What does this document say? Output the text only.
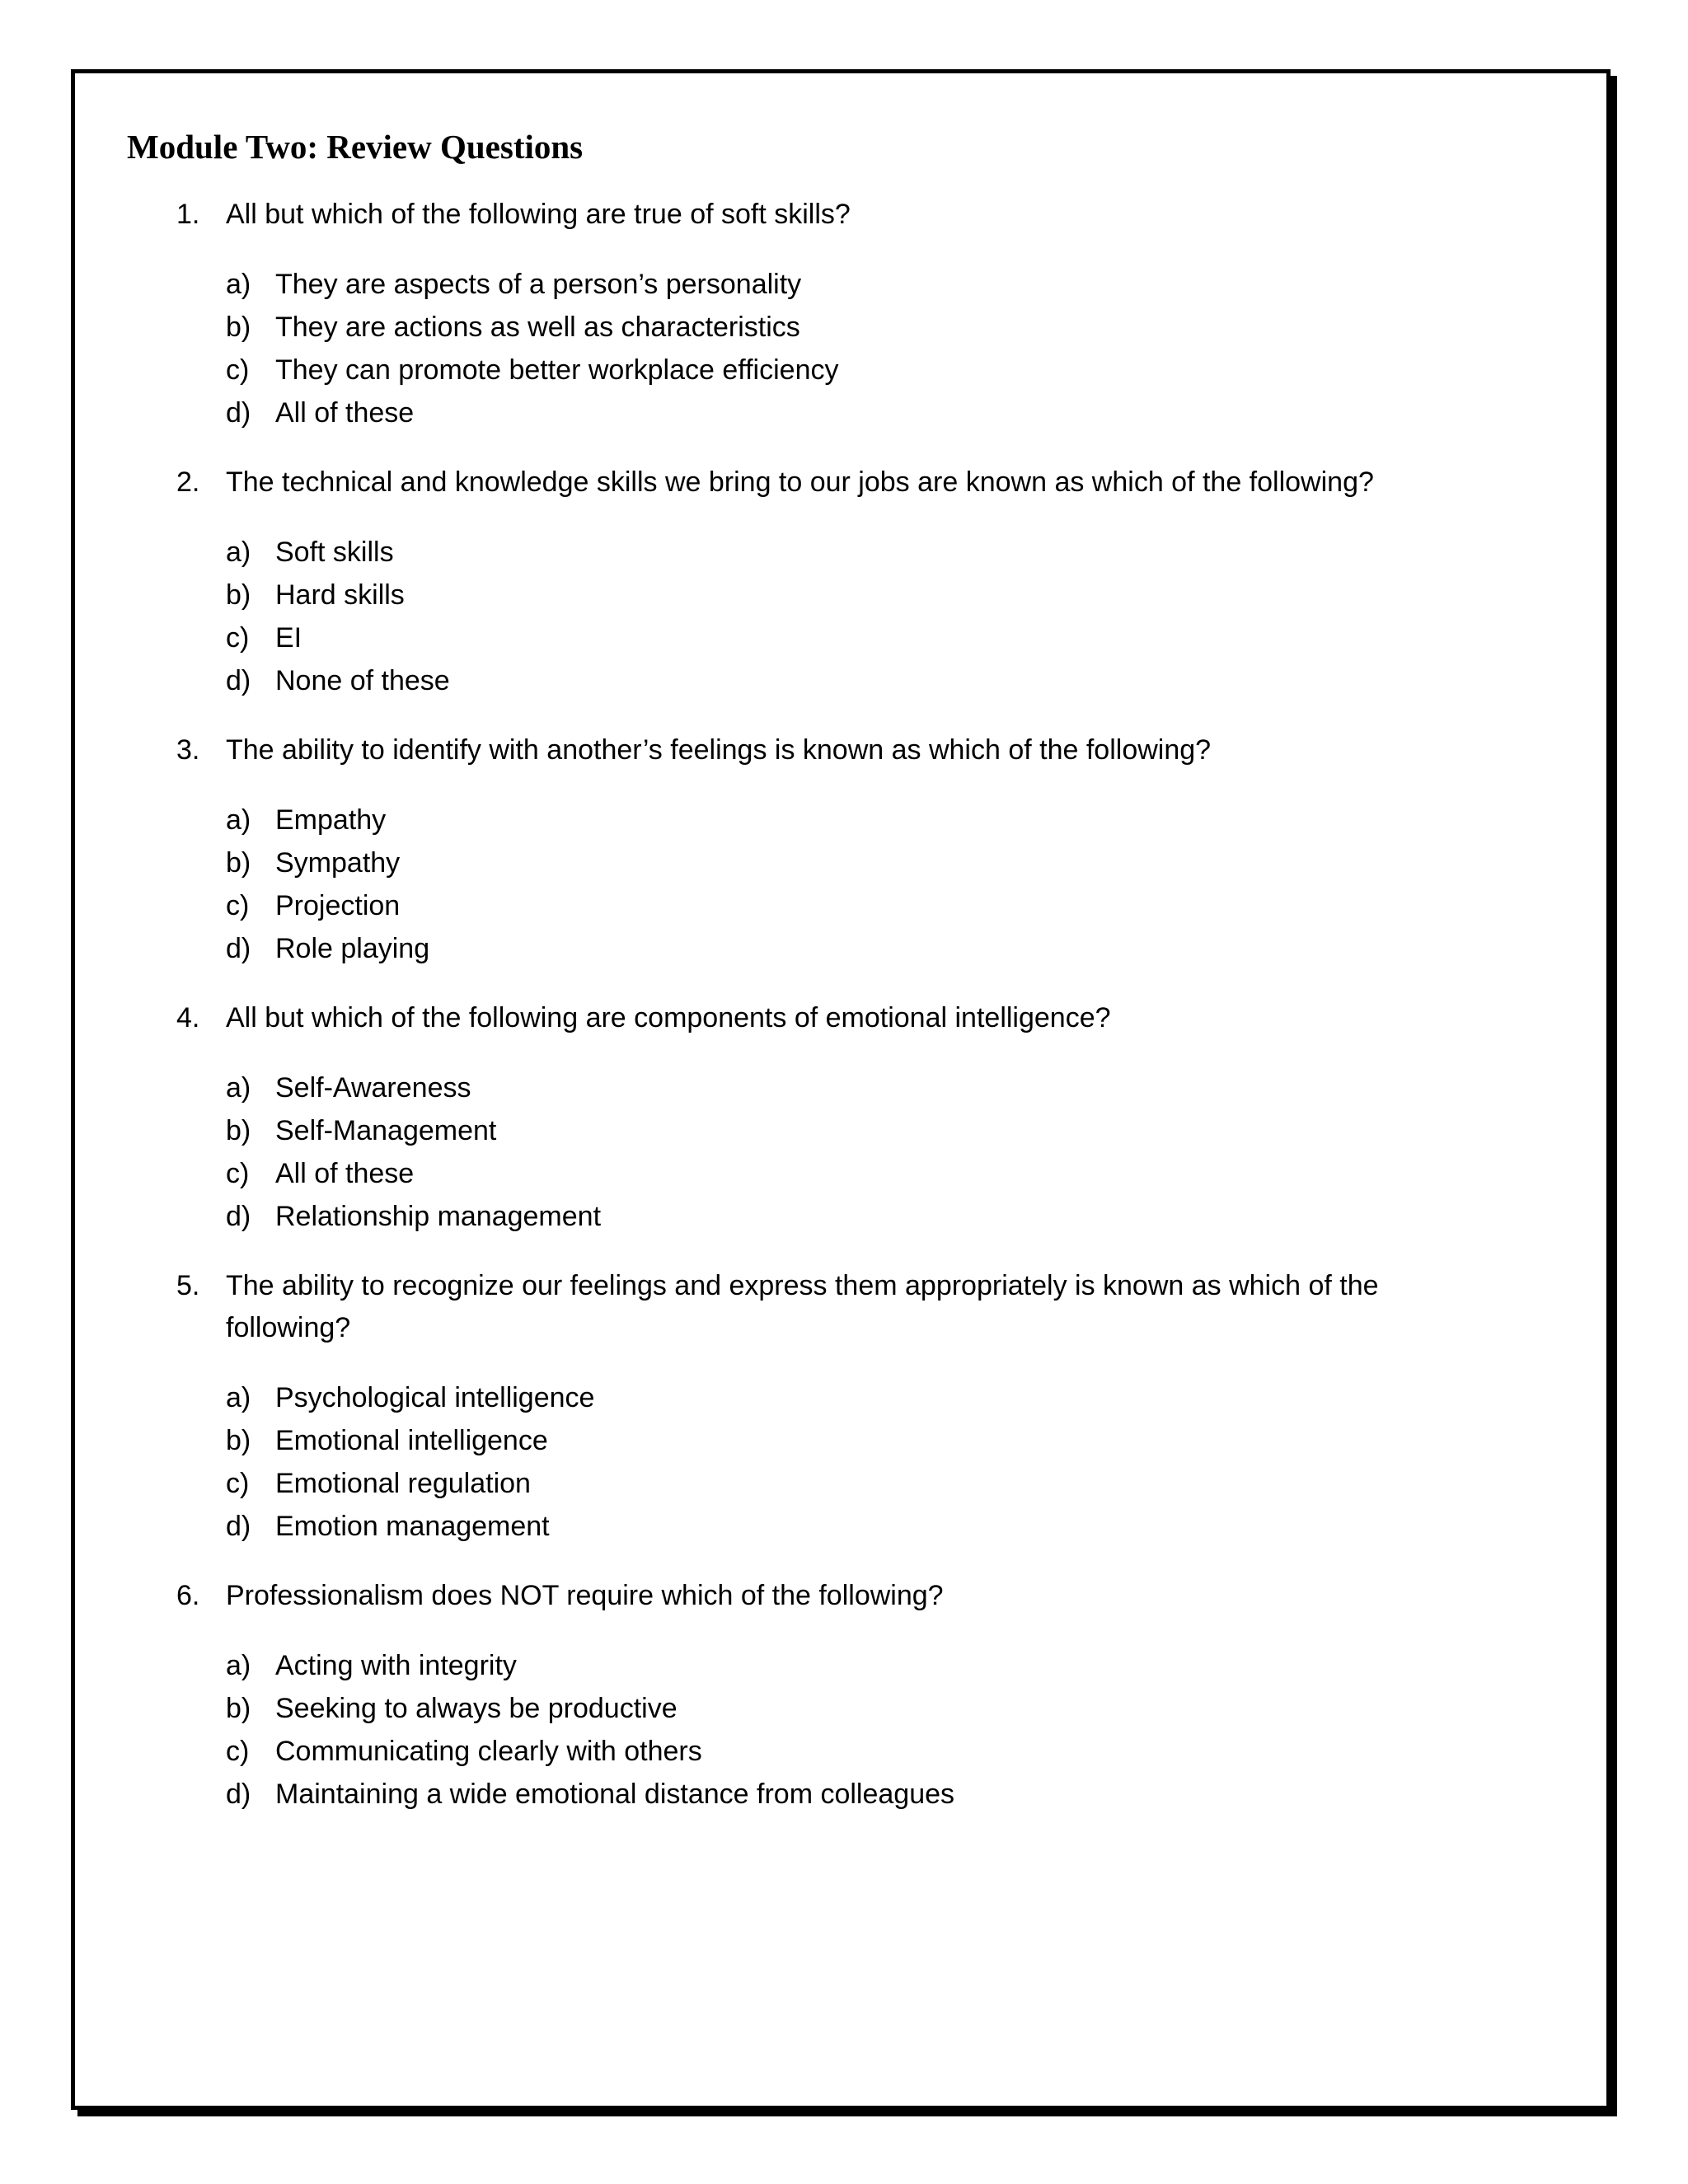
Module Two: Review Questions
1. All but which of the following are true of soft skills?
a) They are aspects of a person’s personality
b) They are actions as well as characteristics
c) They can promote better workplace efficiency
d) All of these
2. The technical and knowledge skills we bring to our jobs are known as which of the following?
a) Soft skills
b) Hard skills
c) EI
d) None of these
3. The ability to identify with another’s feelings is known as which of the following?
a) Empathy
b) Sympathy
c) Projection
d) Role playing
4. All but which of the following are components of emotional intelligence?
a) Self-Awareness
b) Self-Management
c) All of these
d) Relationship management
5. The ability to recognize our feelings and express them appropriately is known as which of the following?
a) Psychological intelligence
b) Emotional intelligence
c) Emotional regulation
d) Emotion management
6. Professionalism does NOT require which of the following?
a) Acting with integrity
b) Seeking to always be productive
c) Communicating clearly with others
d) Maintaining a wide emotional distance from colleagues
